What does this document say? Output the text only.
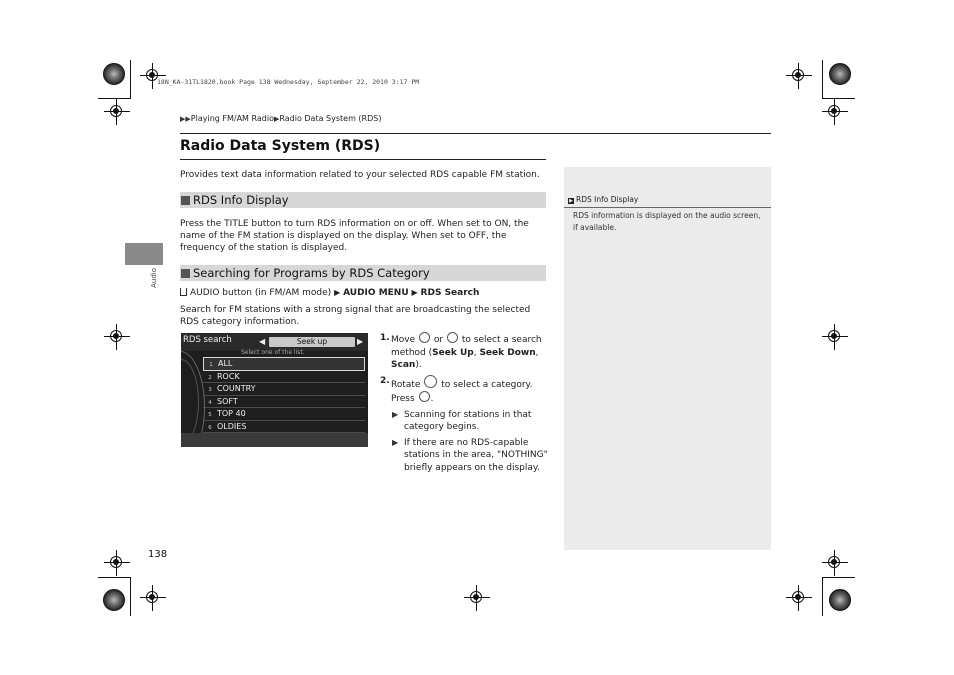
18N_KA-31TL1820.book Page 138 Wednesday, September 22, 2010 3:17 PM
▶▶Playing FM/AM Radio▶Radio Data System (RDS)
Audio
Radio Data System (RDS)
Provides text data information related to your selected RDS capable FM station.
RDS Info Display
Press the TITLE button to turn RDS information on or off. When set to ON, the name of the FM station is displayed on the display. When set to OFF, the frequency of the station is displayed.
Searching for Programs by RDS Category
AUDIO button (in FM/AM mode) ▶ AUDIO MENU ▶ RDS Search
Search for FM stations with a strong signal that are broadcasting the selected RDS category information.
RDS search	◀	Seek up	▶
Select one of the list.
1 ALL
2 ROCK
3 COUNTRY
4 SOFT
5 TOP 40
6 OLDIES
1. Move or to select a search method (Seek Up, Seek Down, Scan).
2. Rotate to select a category.
Press .
▶ Scanning for stations in that category begins.
▶ If there are no RDS-capable stations in the area, "NOTHING" briefly appears on the display.
▶ RDS Info Display
RDS information is displayed on the audio screen, if available.
138
